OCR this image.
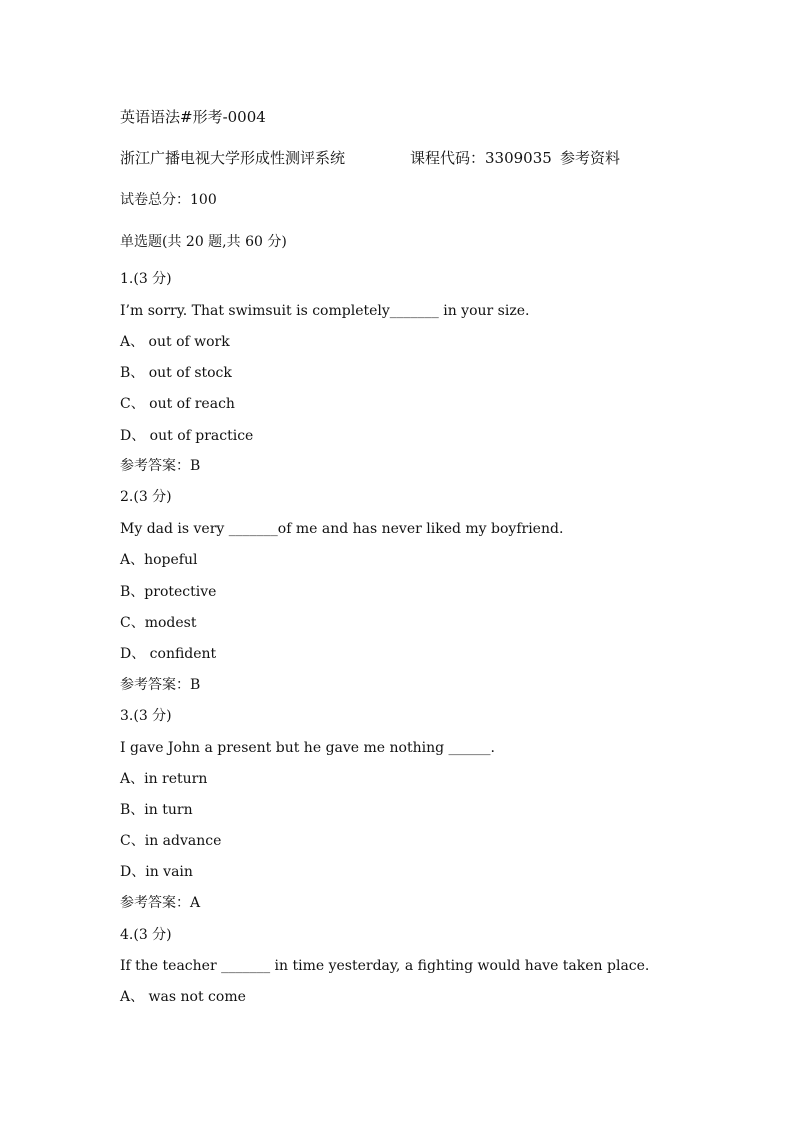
英语语法#形考-0004
浙江广播电视大学形成性测评系统	课程代码：3309035 参考资料
试卷总分：100
单选题(共 20 题,共 60 分)
1.(3 分)
I’m sorry. That swimsuit is completely_______ in your size.
A、 out of work
B、 out of stock
C、 out of reach
D、 out of practice
参考答案：B
2.(3 分)
My dad is very _______of me and has never liked my boyfriend.
A、hopeful
B、protective
C、modest
D、 confident
参考答案：B
3.(3 分)
I gave John a present but he gave me nothing ______.
A、in return
B、in turn
C、in advance
D、in vain
参考答案：A
4.(3 分)
If the teacher _______ in time yesterday, a fighting would have taken place.
A、 was not come
